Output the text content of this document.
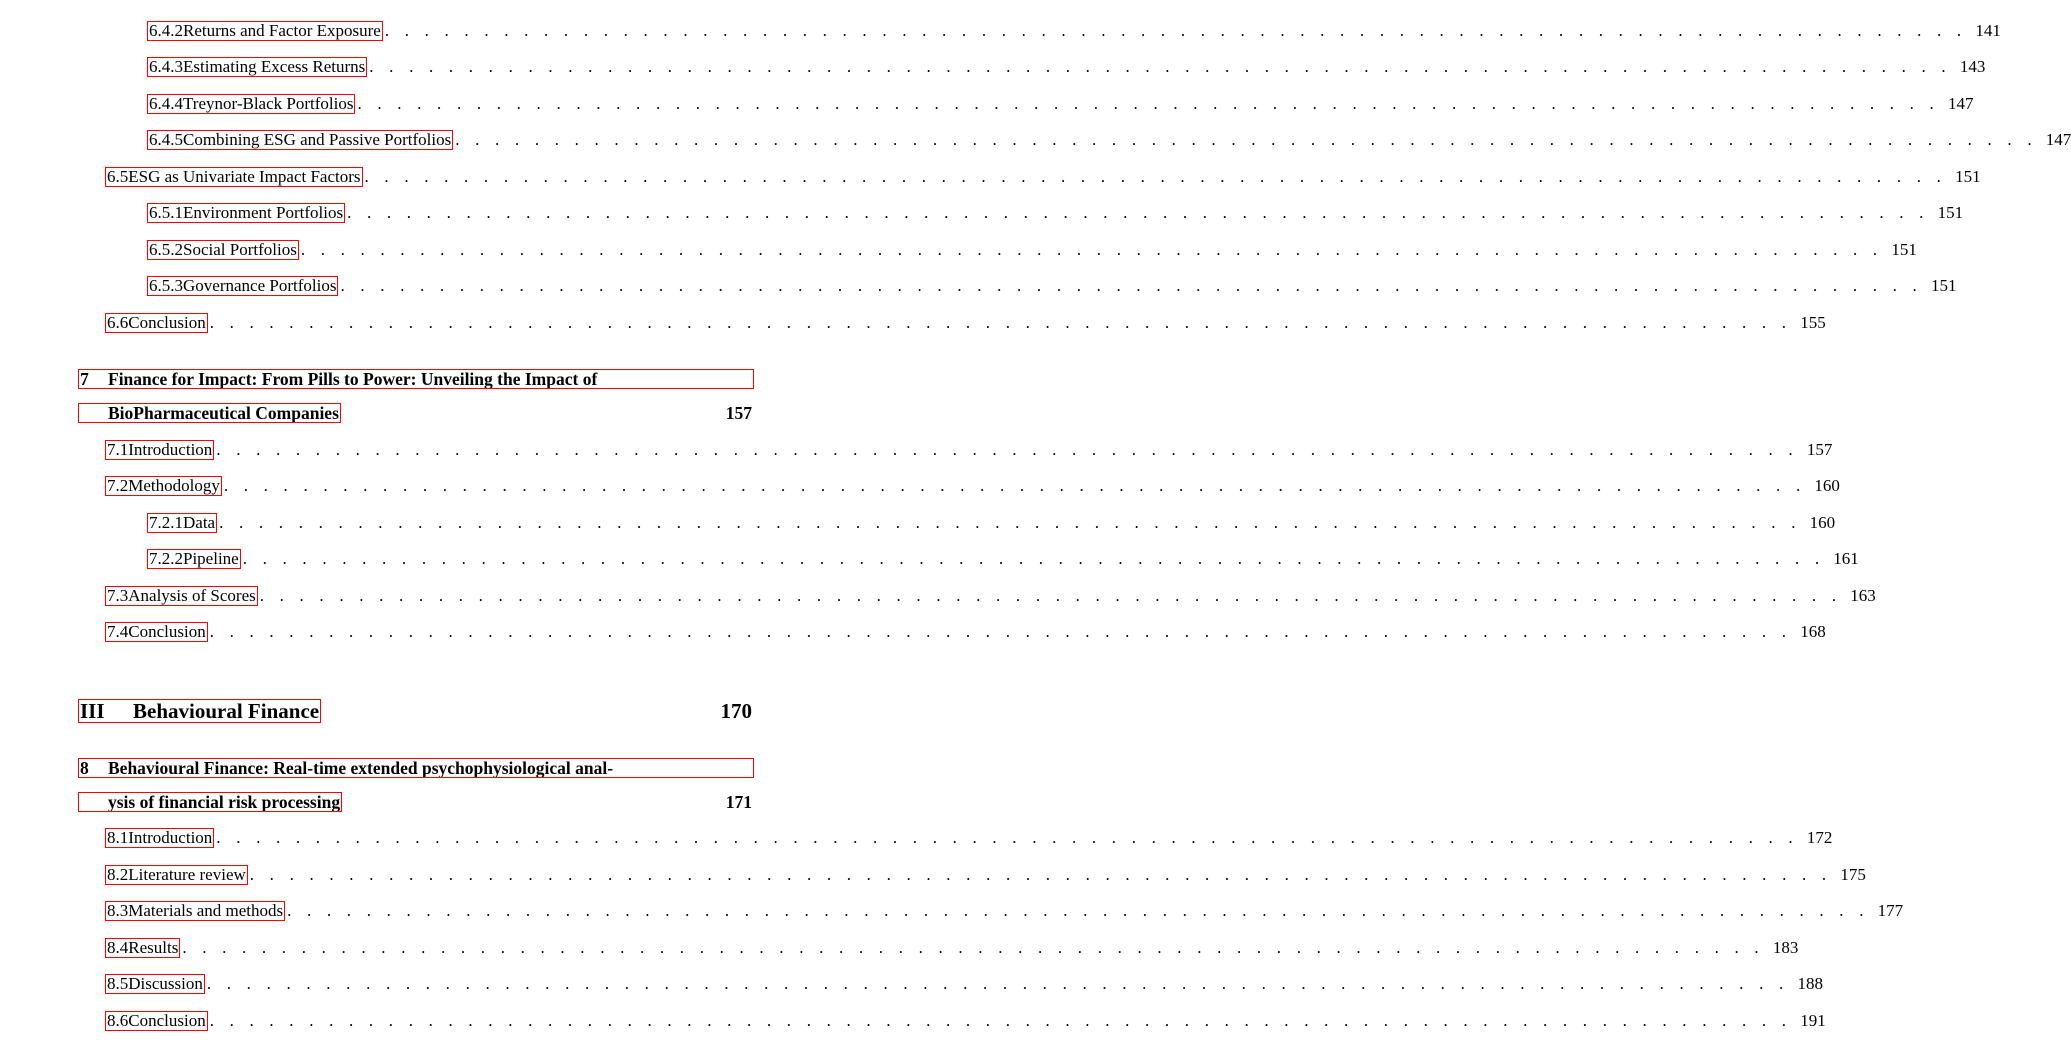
6.4.2 Returns and Factor Exposure . . . . . . . . . . . . . . . . . . . . . . . . . . . . . . . . . . . . . . . . . . . . . . . . . . . . . . . . . . . . . . . . . . . . . . . . . . . . . . . . 141
6.4.3 Estimating Excess Returns . . . . . . . . . . . . . . . . . . . . . . . . . . . . . . . . . . . . . . . . . . . . . . . . . . . . . . . . . . . . . . . . . . . . . . . . . . . . . . . . 143
6.4.4 Treynor-Black Portfolios . . . . . . . . . . . . . . . . . . . . . . . . . . . . . . . . . . . . . . . . . . . . . . . . . . . . . . . . . . . . . . . . . . . . . . . . . . . . . . . . 147
6.4.5 Combining ESG and Passive Portfolios . . . . . . . . . . . . . . . . . . . . . . . . . . . . . . . . . . . . . . . . . . . . . . . . . . . . . . . . . . . . . . . . . . . . . . . . . . . . . . . . 147
6.5 ESG as Univariate Impact Factors . . . . . . . . . . . . . . . . . . . . . . . . . . . . . . . . . . . . . . . . . . . . . . . . . . . . . . . . . . . . . . . . . . . . . . . . . . . . . . . . 151
6.5.1 Environment Portfolios . . . . . . . . . . . . . . . . . . . . . . . . . . . . . . . . . . . . . . . . . . . . . . . . . . . . . . . . . . . . . . . . . . . . . . . . . . . . . . . . 151
6.5.2 Social Portfolios . . . . . . . . . . . . . . . . . . . . . . . . . . . . . . . . . . . . . . . . . . . . . . . . . . . . . . . . . . . . . . . . . . . . . . . . . . . . . . . . 151
6.5.3 Governance Portfolios . . . . . . . . . . . . . . . . . . . . . . . . . . . . . . . . . . . . . . . . . . . . . . . . . . . . . . . . . . . . . . . . . . . . . . . . . . . . . . . . 151
6.6 Conclusion . . . . . . . . . . . . . . . . . . . . . . . . . . . . . . . . . . . . . . . . . . . . . . . . . . . . . . . . . . . . . . . . . . . . . . . . . . . . . . . . 155
7	Finance for Impact: From Pills to Power: Unveiling the Impact of
BioPharmaceutical Companies	157
7.1 Introduction . . . . . . . . . . . . . . . . . . . . . . . . . . . . . . . . . . . . . . . . . . . . . . . . . . . . . . . . . . . . . . . . . . . . . . . . . . . . . . . . 157
7.2 Methodology . . . . . . . . . . . . . . . . . . . . . . . . . . . . . . . . . . . . . . . . . . . . . . . . . . . . . . . . . . . . . . . . . . . . . . . . . . . . . . . . 160
7.2.1 Data . . . . . . . . . . . . . . . . . . . . . . . . . . . . . . . . . . . . . . . . . . . . . . . . . . . . . . . . . . . . . . . . . . . . . . . . . . . . . . . . 160
7.2.2 Pipeline . . . . . . . . . . . . . . . . . . . . . . . . . . . . . . . . . . . . . . . . . . . . . . . . . . . . . . . . . . . . . . . . . . . . . . . . . . . . . . . . 161
7.3 Analysis of Scores . . . . . . . . . . . . . . . . . . . . . . . . . . . . . . . . . . . . . . . . . . . . . . . . . . . . . . . . . . . . . . . . . . . . . . . . . . . . . . . . 163
7.4 Conclusion . . . . . . . . . . . . . . . . . . . . . . . . . . . . . . . . . . . . . . . . . . . . . . . . . . . . . . . . . . . . . . . . . . . . . . . . . . . . . . . . 168
III	Behavioural Finance	170
8	Behavioural Finance: Real-time extended psychophysiological anal-
ysis of financial risk processing	171
8.1 Introduction . . . . . . . . . . . . . . . . . . . . . . . . . . . . . . . . . . . . . . . . . . . . . . . . . . . . . . . . . . . . . . . . . . . . . . . . . . . . . . . . 172
8.2 Literature review . . . . . . . . . . . . . . . . . . . . . . . . . . . . . . . . . . . . . . . . . . . . . . . . . . . . . . . . . . . . . . . . . . . . . . . . . . . . . . . . 175
8.3 Materials and methods . . . . . . . . . . . . . . . . . . . . . . . . . . . . . . . . . . . . . . . . . . . . . . . . . . . . . . . . . . . . . . . . . . . . . . . . . . . . . . . . 177
8.4 Results . . . . . . . . . . . . . . . . . . . . . . . . . . . . . . . . . . . . . . . . . . . . . . . . . . . . . . . . . . . . . . . . . . . . . . . . . . . . . . . . 183
8.5 Discussion . . . . . . . . . . . . . . . . . . . . . . . . . . . . . . . . . . . . . . . . . . . . . . . . . . . . . . . . . . . . . . . . . . . . . . . . . . . . . . . . 188
8.6 Conclusion . . . . . . . . . . . . . . . . . . . . . . . . . . . . . . . . . . . . . . . . . . . . . . . . . . . . . . . . . . . . . . . . . . . . . . . . . . . . . . . . 191
